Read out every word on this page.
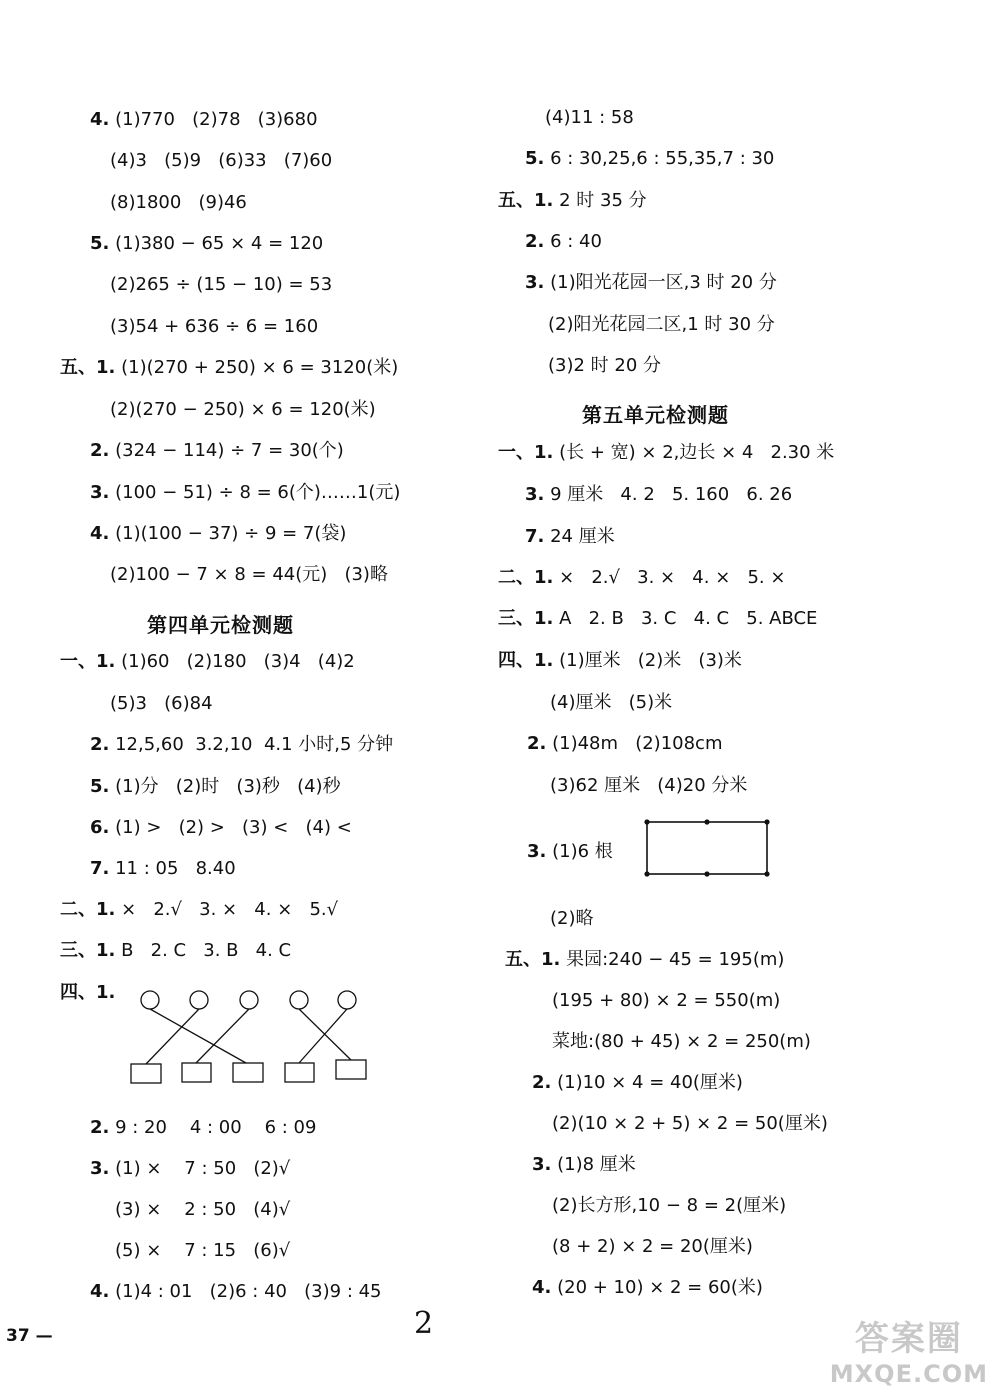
4. (1)770   (2)78   (3)680
(4)3   (5)9   (6)33   (7)60
(8)1800   (9)46
5. (1)380 − 65 × 4 = 120
(2)265 ÷ (15 − 10) = 53
(3)54 + 636 ÷ 6 = 160
五、1. (1)(270 + 250) × 6 = 3120(米)
(2)(270 − 250) × 6 = 120(米)
2. (324 − 114) ÷ 7 = 30(个)
3. (100 − 51) ÷ 8 = 6(个)……1(元)
4. (1)(100 − 37) ÷ 9 = 7(袋)
(2)100 − 7 × 8 = 44(元)   (3)略
一、1. (1)60   (2)180   (3)4   (4)2
(5)3   (6)84
2. 12,5,60  3.2,10  4.1 小时,5 分钟
5. (1)分   (2)时   (3)秒   (4)秒
6. (1) >   (2) >   (3) <   (4) <
7. 11 : 05   8.40
二、1. ×   2.√   3. ×   4. ×   5.√
三、1. B   2. C   3. B   4. C
四、1.
2. 9 : 20    4 : 00    6 : 09
3. (1) ×    7 : 50   (2)√
(3) ×    2 : 50   (4)√
(5) ×    7 : 15   (6)√
4. (1)4 : 01   (2)6 : 40   (3)9 : 45
(4)11 : 58
5. 6 : 30,25,6 : 55,35,7 : 30
五、1. 2 时 35 分
2. 6 : 40
3. (1)阳光花园一区,3 时 20 分
(2)阳光花园二区,1 时 30 分
(3)2 时 20 分
一、1. (长 + 宽) × 2,边长 × 4   2.30 米
3. 9 厘米   4. 2   5. 160   6. 26
7. 24 厘米
二、1. ×   2.√   3. ×   4. ×   5. ×
三、1. A   2. B   3. C   4. C   5. ABCE
四、1. (1)厘米   (2)米   (3)米
(4)厘米   (5)米
2. (1)48m   (2)108cm
(3)62 厘米   (4)20 分米
3. (1)6 根
(2)略
五、1. 果园:240 − 45 = 195(m)
(195 + 80) × 2 = 550(m)
菜地:(80 + 45) × 2 = 250(m)
2. (1)10 × 4 = 40(厘米)
(2)(10 × 2 + 5) × 2 = 50(厘米)
3. (1)8 厘米
(2)长方形,10 − 8 = 2(厘米)
(8 + 2) × 2 = 20(厘米)
4. (20 + 10) × 2 = 60(米)
第四单元检测题
第五单元检测题
37 —	2	答案圈
MXQE.COM
